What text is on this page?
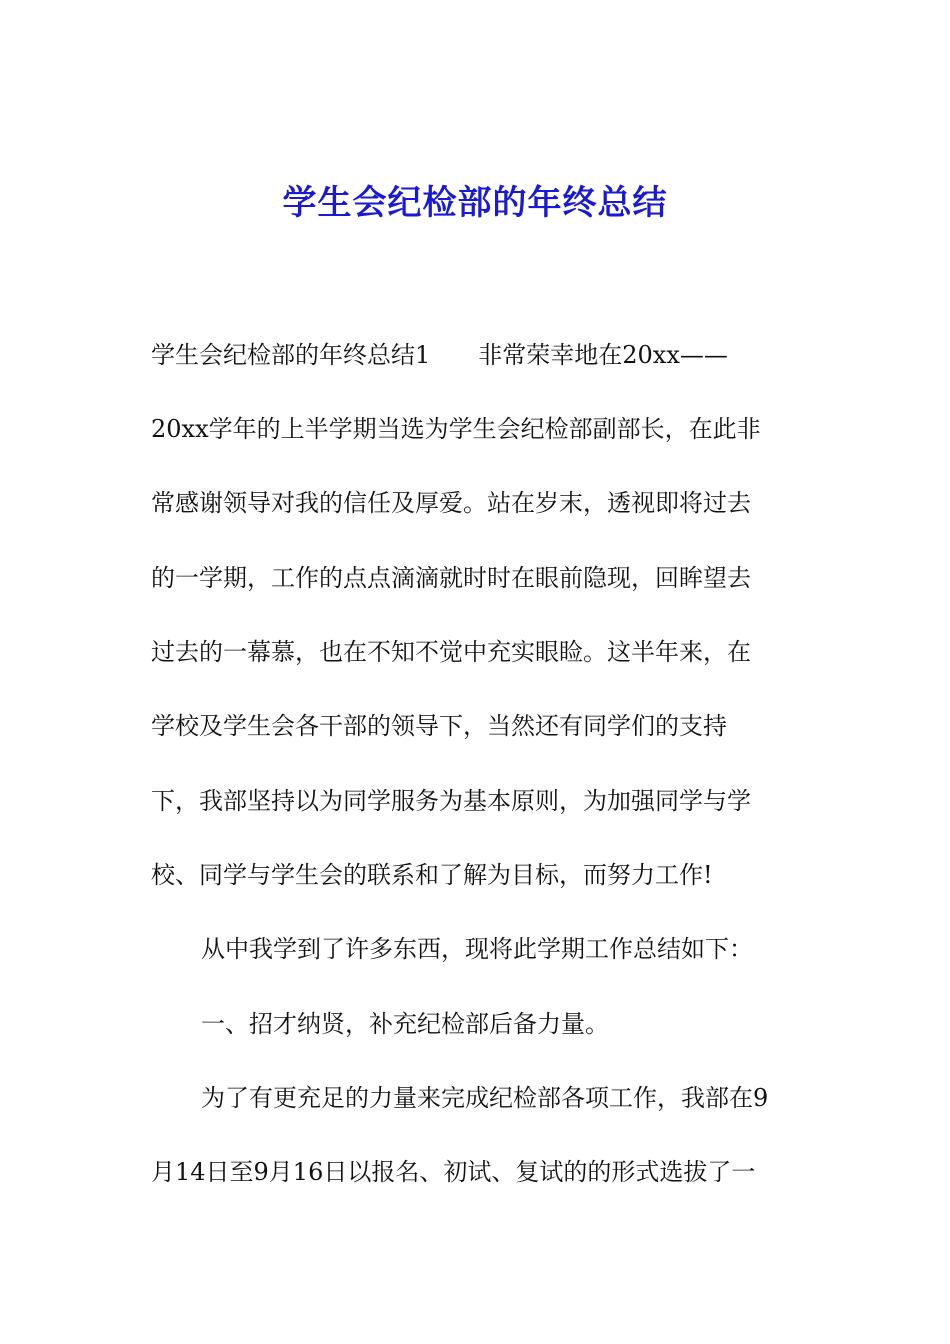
学生会纪检部的年终总结
学生会纪检部的年终总结1　　非常荣幸地在20xx——
20xx学年的上半学期当选为学生会纪检部副部长，在此非
常感谢领导对我的信任及厚爱。站在岁末，透视即将过去
的一学期，工作的点点滴滴就时时在眼前隐现，回眸望去
过去的一幕慕，也在不知不觉中充实眼睑。这半年来，在
学校及学生会各干部的领导下，当然还有同学们的支持
下，我部坚持以为同学服务为基本原则，为加强同学与学
校、同学与学生会的联系和了解为目标，而努力工作!
从中我学到了许多东西，现将此学期工作总结如下：
一、招才纳贤，补充纪检部后备力量。
为了有更充足的力量来完成纪检部各项工作，我部在9
月14日至9月16日以报名、初试、复试的的形式选拔了一
